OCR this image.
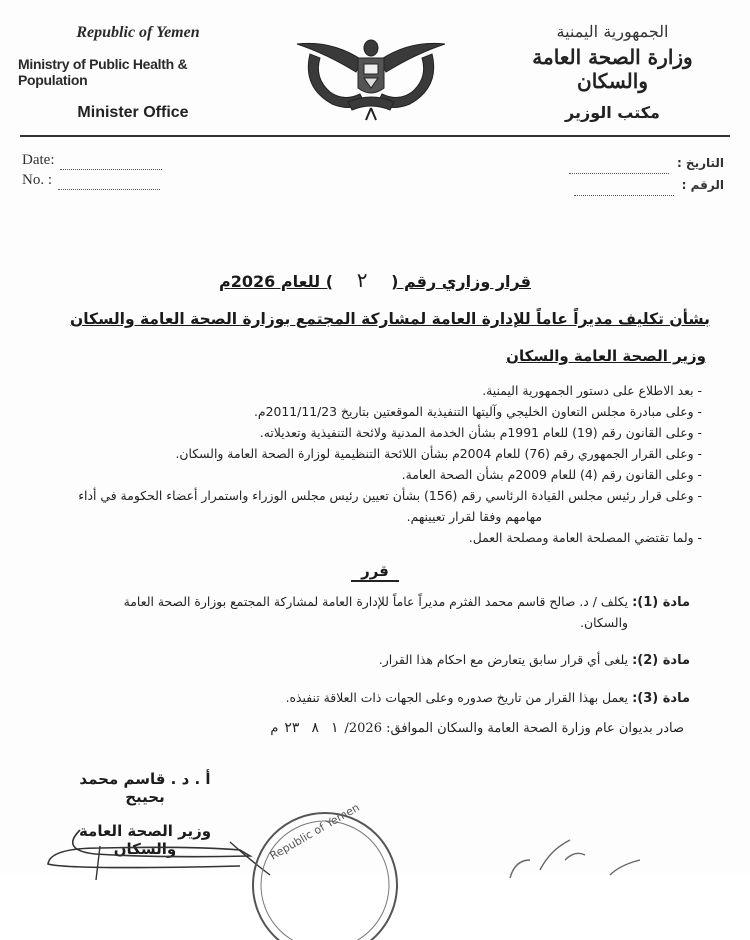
Republic of Yemen
Ministry of Public Health & Population
Minister Office
الجمهورية اليمنية
وزارة الصحة العامة والسكان
مكتب الوزير
Date:
No. :
التاريخ :
الرقم :
قرار وزاري رقم (٢) للعام 2026م
بشأن تكليف مديراً عاماً للإدارة العامة لمشاركة المجتمع بوزارة الصحة العامة والسكان
وزير الصحة العامة والسكان
- بعد الاطلاع على دستور الجمهورية اليمنية.
- وعلى مبادرة مجلس التعاون الخليجي وآليتها التنفيذية الموقعتين بتاريخ 2011/11/23م.
- وعلى القانون رقم (19) للعام 1991م بشأن الخدمة المدنية ولائحة التنفيذية وتعديلاته.
- وعلى القرار الجمهوري رقم (76) للعام 2004م بشأن اللائحة التنظيمية لوزارة الصحة العامة والسكان.
- وعلى القانون رقم (4) للعام 2009م بشأن الصحة العامة.
- وعلى قرار رئيس مجلس القيادة الرئاسي رقم (156) بشأن تعيين رئيس مجلس الوزراء واستمرار أعضاء الحكومة في أداء
مهامهم وفقا لقرار تعيينهم.
- ولما تقتضي المصلحة العامة ومصلحة العمل.
قرر
مادة (1): يكلف / د. صالح قاسم محمد الفثرم مديراً عاماً للإدارة العامة لمشاركة المجتمع بوزارة الصحة العامة
والسكان.
مادة (2): يلغى أي قرار سابق يتعارض مع احكام هذا القرار.
مادة (3): يعمل بهذا القرار من تاريخ صدوره وعلى الجهات ذات العلاقة تنفيذه.
صادر بديوان عام وزارة الصحة العامة والسكان الموافق: ٢٣ ٨ ١/2026م
أ . د . قاسم محمد بحيبح
وزير الصحة العامة والسكان	Republic of Yemen
